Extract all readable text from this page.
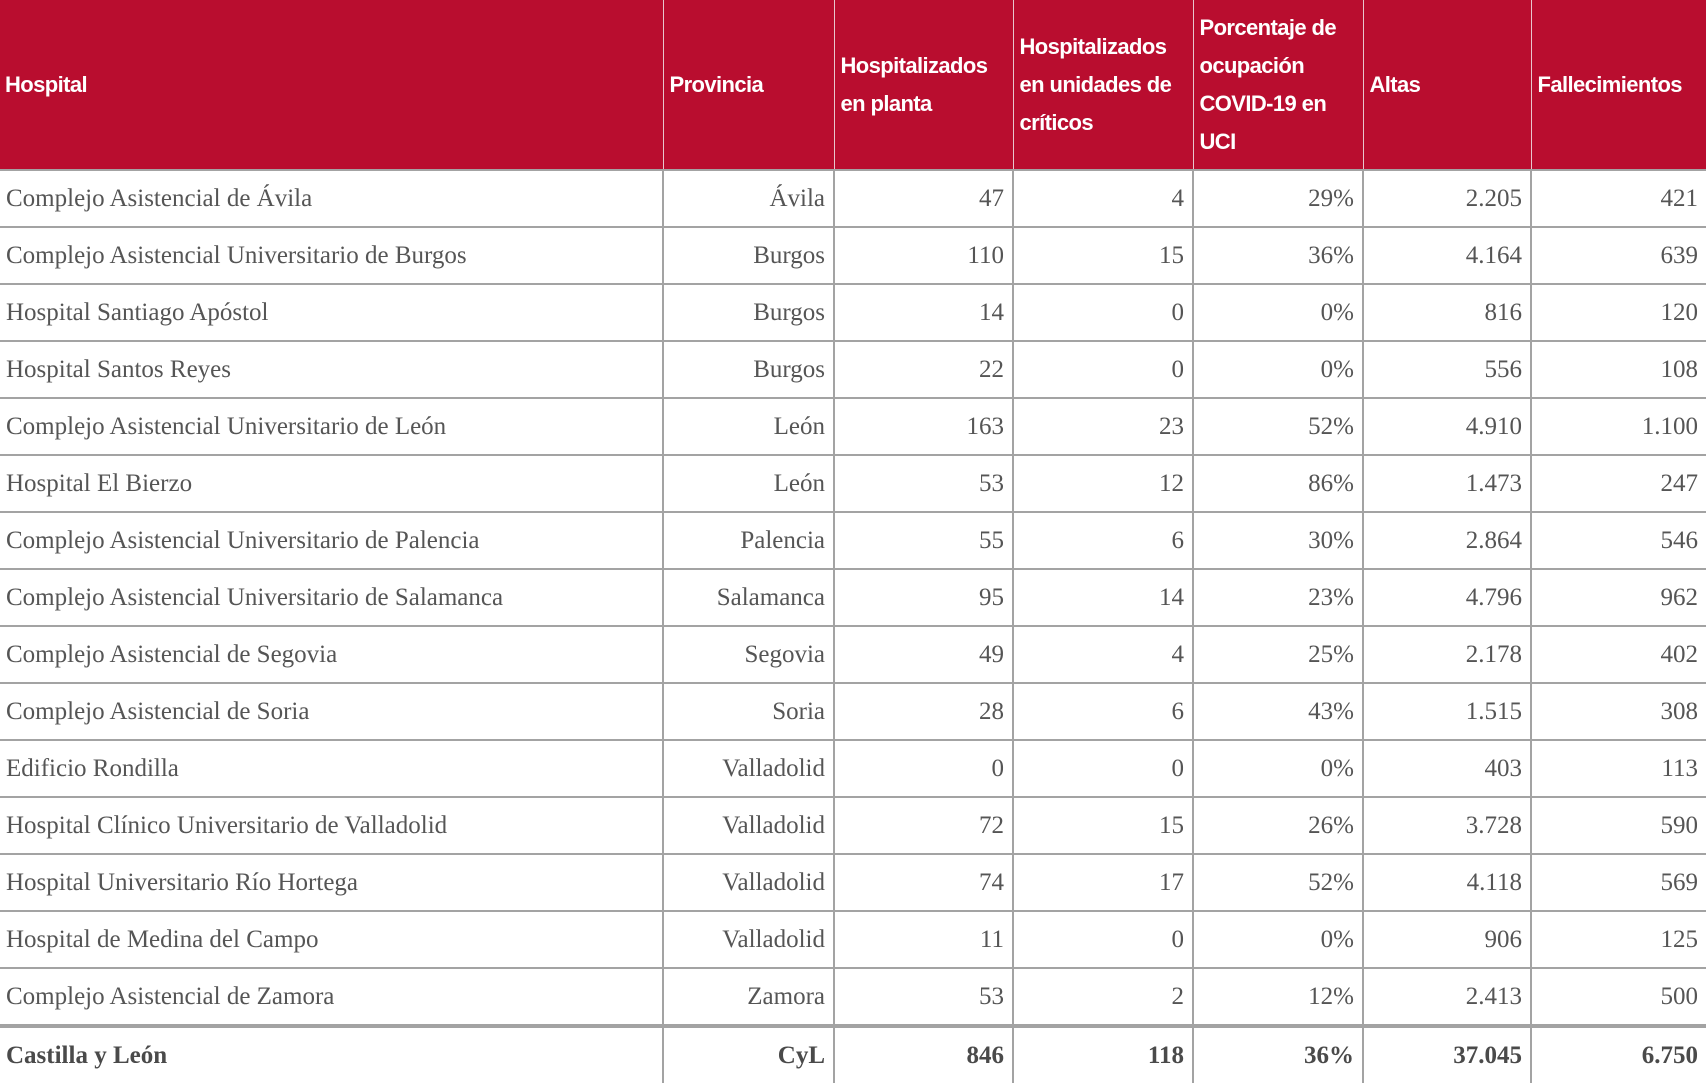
Hospital	Provincia	Hospitalizados en planta	Hospitalizados en unidades de críticos	Porcentaje de ocupación COVID-19 en UCI	Altas	Fallecimientos
Complejo Asistencial de Ávila	Ávila	47	4	29%	2.205	421
Complejo Asistencial Universitario de Burgos	Burgos	110	15	36%	4.164	639
Hospital Santiago Apóstol	Burgos	14	0	0%	816	120
Hospital Santos Reyes	Burgos	22	0	0%	556	108
Complejo Asistencial Universitario de León	León	163	23	52%	4.910	1.100
Hospital El Bierzo	León	53	12	86%	1.473	247
Complejo Asistencial Universitario de Palencia	Palencia	55	6	30%	2.864	546
Complejo Asistencial Universitario de Salamanca	Salamanca	95	14	23%	4.796	962
Complejo Asistencial de Segovia	Segovia	49	4	25%	2.178	402
Complejo Asistencial de Soria	Soria	28	6	43%	1.515	308
Edificio Rondilla	Valladolid	0	0	0%	403	113
Hospital Clínico Universitario de Valladolid	Valladolid	72	15	26%	3.728	590
Hospital Universitario Río Hortega	Valladolid	74	17	52%	4.118	569
Hospital de Medina del Campo	Valladolid	11	0	0%	906	125
Complejo Asistencial de Zamora	Zamora	53	2	12%	2.413	500
Castilla y León	CyL	846	118	36%	37.045	6.750
